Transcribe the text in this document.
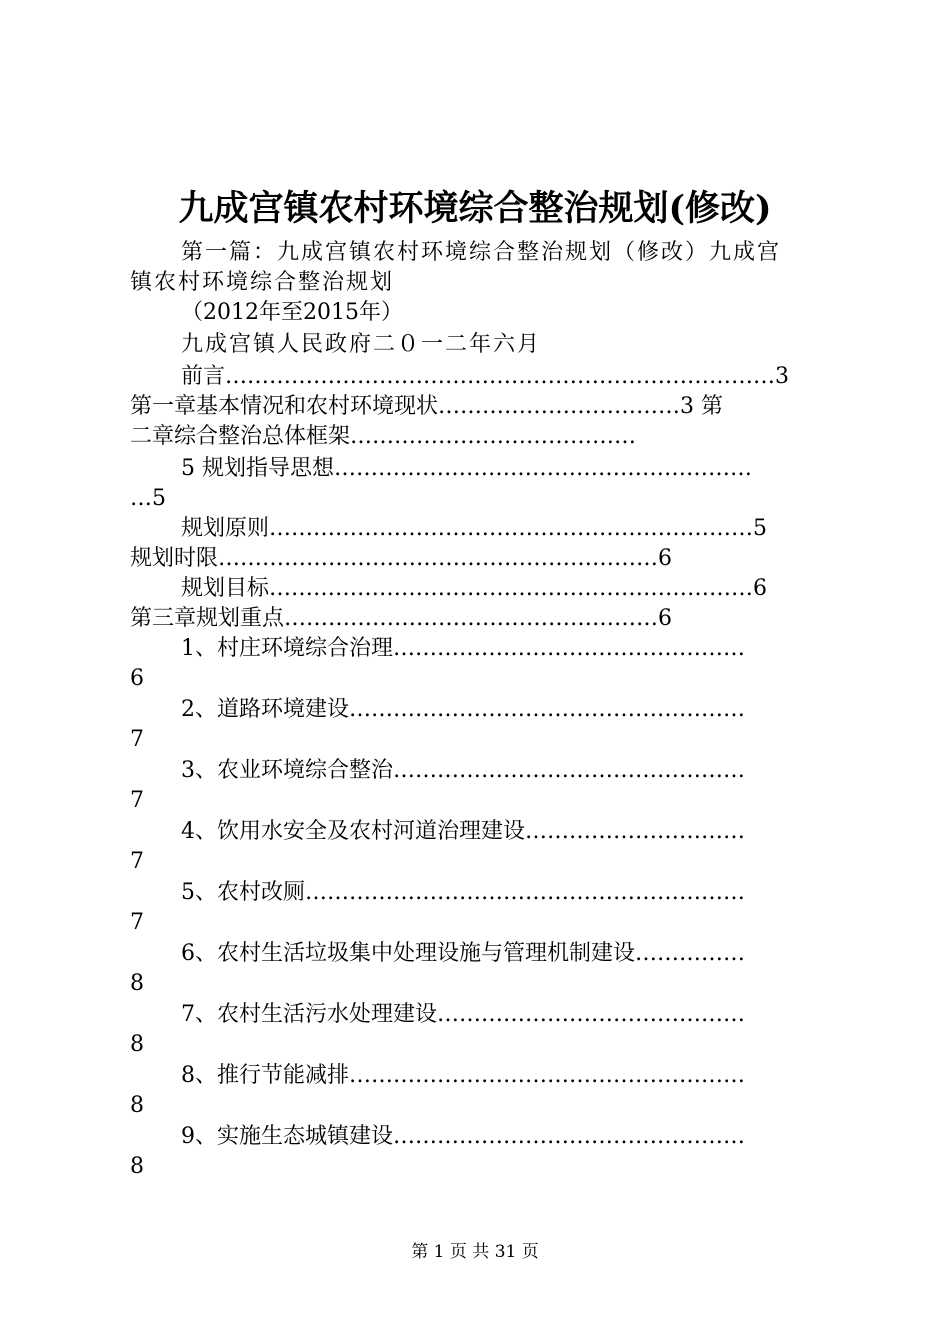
九成宫镇农村环境综合整治规划(修改)
第一篇：九成宫镇农村环境综合整治规划（修改）九成宫
镇农村环境综合整治规划
（2012年至2015年）
九成宫镇人民政府二０一二年六月
前言…………………………………………………………………3
第一章基本情况和农村环境现状……………………………3 第
二章综合整治总体框架…………………………………
5 规划指导思想…………………………………………………
…5
规划原则…………………………………………………………5
规划时限……………………………………………………6
规划目标…………………………………………………………6
第三章规划重点……………………………………………6
1、村庄环境综合治理…………………………………………
6
2、道路环境建设………………………………………………
7
3、农业环境综合整治…………………………………………
7
4、饮用水安全及农村河道治理建设…………………………
7
5、农村改厕……………………………………………………
7
6、农村生活垃圾集中处理设施与管理机制建设……………
8
7、农村生活污水处理建设……………………………………
8
8、推行节能减排………………………………………………
8
9、实施生态城镇建设…………………………………………
8
第 1 页 共 31 页
